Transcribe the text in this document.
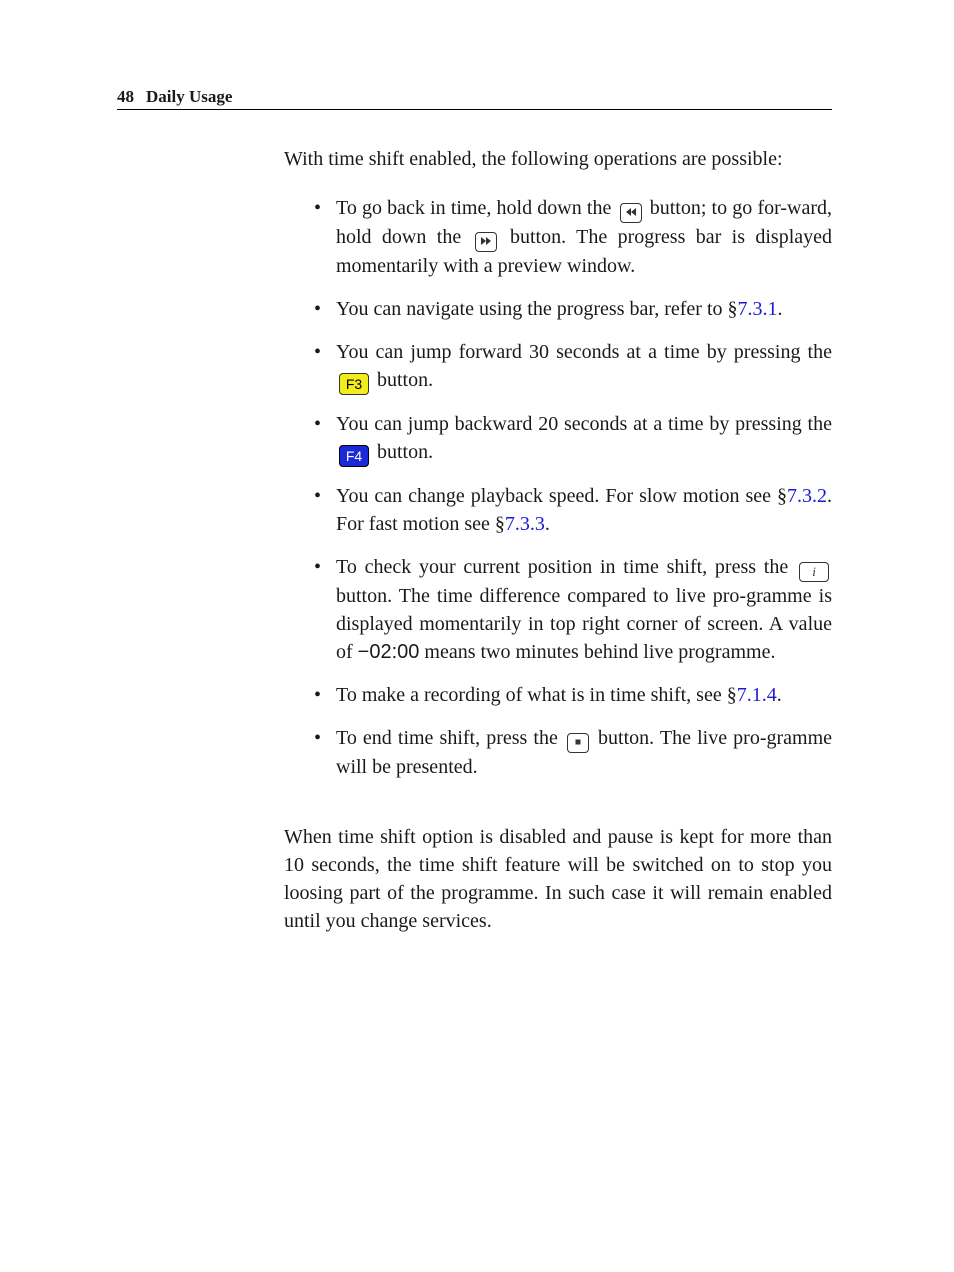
48 Daily Usage

With time shift enabled, the following operations are possible:

• To go back in time, hold down the button; to go for-ward, hold down the button. The progress bar is displayed momentarily with a preview window.
• You can navigate using the progress bar, refer to §7.3.1.
• You can jump forward 30 seconds at a time by pressing the F3 button.
• You can jump backward 20 seconds at a time by pressing the F4 button.
• You can change playback speed. For slow motion see §7.3.2. For fast motion see §7.3.3.
• To check your current position in time shift, press the i button. The time difference compared to live pro-gramme is displayed momentarily in top right corner of screen. A value of −02:00 means two minutes behind live programme.
• To make a recording of what is in time shift, see §7.1.4.
• To end time shift, press the button. The live pro-gramme will be presented.

When time shift option is disabled and pause is kept for more than 10 seconds, the time shift feature will be switched on to stop you loosing part of the programme. In such case it will remain enabled until you change services.
